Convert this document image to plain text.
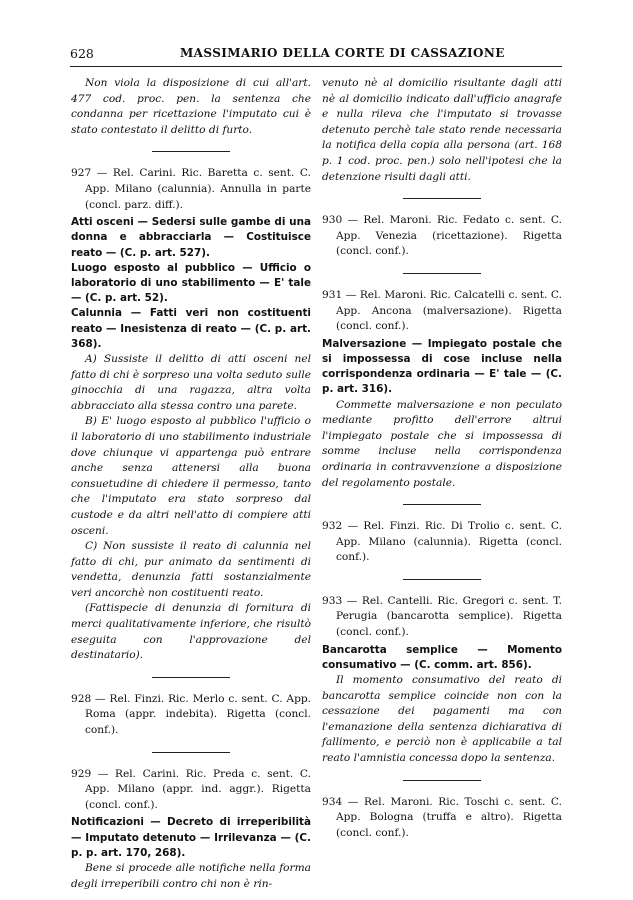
628	MASSIMARIO DELLA CORTE DI CASSAZIONE

Non viola la disposizione di cui all'art. 477 cod. proc. pen. la sentenza che condanna per ricettazione l'imputato cui è stato contestato il delitto di furto.

927 — Rel. Carini. Ric. Baretta c. sent. C. App. Milano (calunnia). Annulla in parte (concl. parz. diff.).

Atti osceni — Sedersi sulle gambe di una donna e abbracciarla — Costituisce reato — (C. p. art. 527).

Luogo esposto al pubblico — Ufficio o laboratorio di uno stabilimento — E' tale — (C. p. art. 52).

Calunnia — Fatti veri non costituenti reato — Inesistenza di reato — (C. p. art. 368).

A) Sussiste il delitto di atti osceni nel fatto di chi è sorpreso una volta seduto sulle ginocchia di una ragazza, altra volta abbracciato alla stessa contro una parete.

B) E' luogo esposto al pubblico l'ufficio o il laboratorio di uno stabilimento industriale dove chiunque vi appartenga può entrare anche senza attenersi alla buona consuetudine di chiedere il permesso, tanto che l'imputato era stato sorpreso dal custode e da altri nell'atto di compiere atti osceni.

C) Non sussiste il reato di calunnia nel fatto di chi, pur animato da sentimenti di vendetta, denunzia fatti sostanzialmente veri ancorchè non costituenti reato.

(Fattispecie di denunzia di fornitura di merci qualitativamente inferiore, che risultò eseguita con l'approvazione del destinatario).

928 — Rel. Finzi. Ric. Merlo c. sent. C. App. Roma (appr. indebita). Rigetta (concl. conf.).

929 — Rel. Carini. Ric. Preda c. sent. C. App. Milano (appr. ind. aggr.). Rigetta (concl. conf.).

Notificazioni — Decreto di irreperibilità — Imputato detenuto — Irrilevanza — (C. p. p. art. 170, 268).

Bene si procede alle notifiche nella forma degli irreperibili contro chi non è rin-

venuto nè al domicilio risultante dagli atti nè al domicilio indicato dall'ufficio anagrafe e nulla rileva che l'imputato si trovasse detenuto perchè tale stato rende necessaria la notifica della copia alla persona (art. 168 p. 1 cod. proc. pen.) solo nell'ipotesi che la detenzione risulti dagli atti.

930 — Rel. Maroni. Ric. Fedato c. sent. C. App. Venezia (ricettazione). Rigetta (concl. conf.).

931 — Rel. Maroni. Ric. Calcatelli c. sent. C. App. Ancona (malversazione). Rigetta (concl. conf.).

Malversazione — Impiegato postale che si impossessa di cose incluse nella corrispondenza ordinaria — E' tale — (C. p. art. 316).

Commette malversazione e non peculato mediante profitto dell'errore altrui l'impiegato postale che si impossessa di somme incluse nella corrispondenza ordinaria in contravvenzione a disposizione del regolamento postale.

932 — Rel. Finzi. Ric. Di Trolio c. sent. C. App. Milano (calunnia). Rigetta (concl. conf.).

933 — Rel. Cantelli. Ric. Gregori c. sent. T. Perugia (bancarotta semplice). Rigetta (concl. conf.).

Bancarotta semplice — Momento consumativo — (C. comm. art. 856).

Il momento consumativo del reato di bancarotta semplice coincide non con la cessazione dei pagamenti ma con l'emanazione della sentenza dichiarativa di fallimento, e perciò non è applicabile a tal reato l'amnistia concessa dopo la sentenza.

934 — Rel. Maroni. Ric. Toschi c. sent. C. App. Bologna (truffa e altro). Rigetta (concl. conf.).
